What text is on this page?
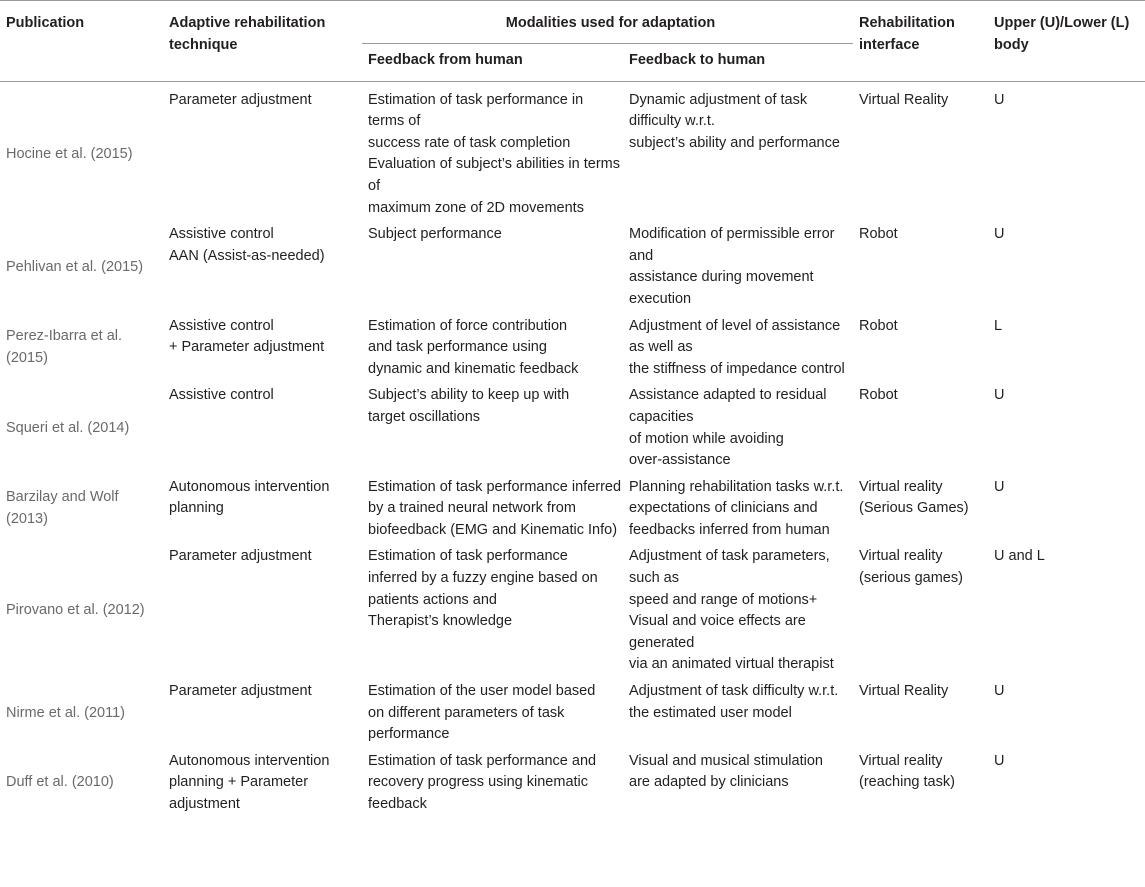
Publication	Adaptive rehabilitation technique	Modalities used for adaptation		Rehabilitation interface	Upper (U)/Lower (L) body
		Feedback from human	Feedback to human		

Hocine et al. (2015)	Parameter adjustment	Estimation of task performance in terms of
success rate of task completion
Evaluation of subject’s abilities in terms of
maximum zone of 2D movements	Dynamic adjustment of task difficulty w.r.t.
subject’s ability and performance	Virtual Reality	U

Pehlivan et al. (2015)	Assistive control
AAN (Assist-as-needed)	Subject performance	Modification of permissible error and
assistance during movement execution	Robot	U

Perez-Ibarra et al. (2015)	Assistive control
+ Parameter adjustment	Estimation of force contribution
and task performance using
dynamic and kinematic feedback	Adjustment of level of assistance as well as
the stiffness of impedance control	Robot	L

Squeri et al. (2014)	Assistive control	Subject’s ability to keep up with
target oscillations	Assistance adapted to residual capacities
of motion while avoiding
over-assistance	Robot	U

Barzilay and Wolf (2013)	Autonomous intervention planning	Estimation of task performance inferred
by a trained neural network from
biofeedback (EMG and Kinematic Info)	Planning rehabilitation tasks w.r.t.
expectations of clinicians and
feedbacks inferred from human	Virtual reality (Serious Games)	U

Pirovano et al. (2012)	Parameter adjustment	Estimation of task performance
inferred by a fuzzy engine based on
patients actions and
Therapist’s knowledge	Adjustment of task parameters, such as
speed and range of motions+
Visual and voice effects are generated
via an animated virtual therapist	Virtual reality (serious games)	U and L

Nirme et al. (2011)	Parameter adjustment	Estimation of the user model based
on different parameters of task
performance	Adjustment of task difficulty w.r.t.
the estimated user model	Virtual Reality	U

Duff et al. (2010)	Autonomous intervention
planning + Parameter
adjustment	Estimation of task performance and
recovery progress using kinematic
feedback	Visual and musical stimulation
are adapted by clinicians	Virtual reality (reaching task)	U
